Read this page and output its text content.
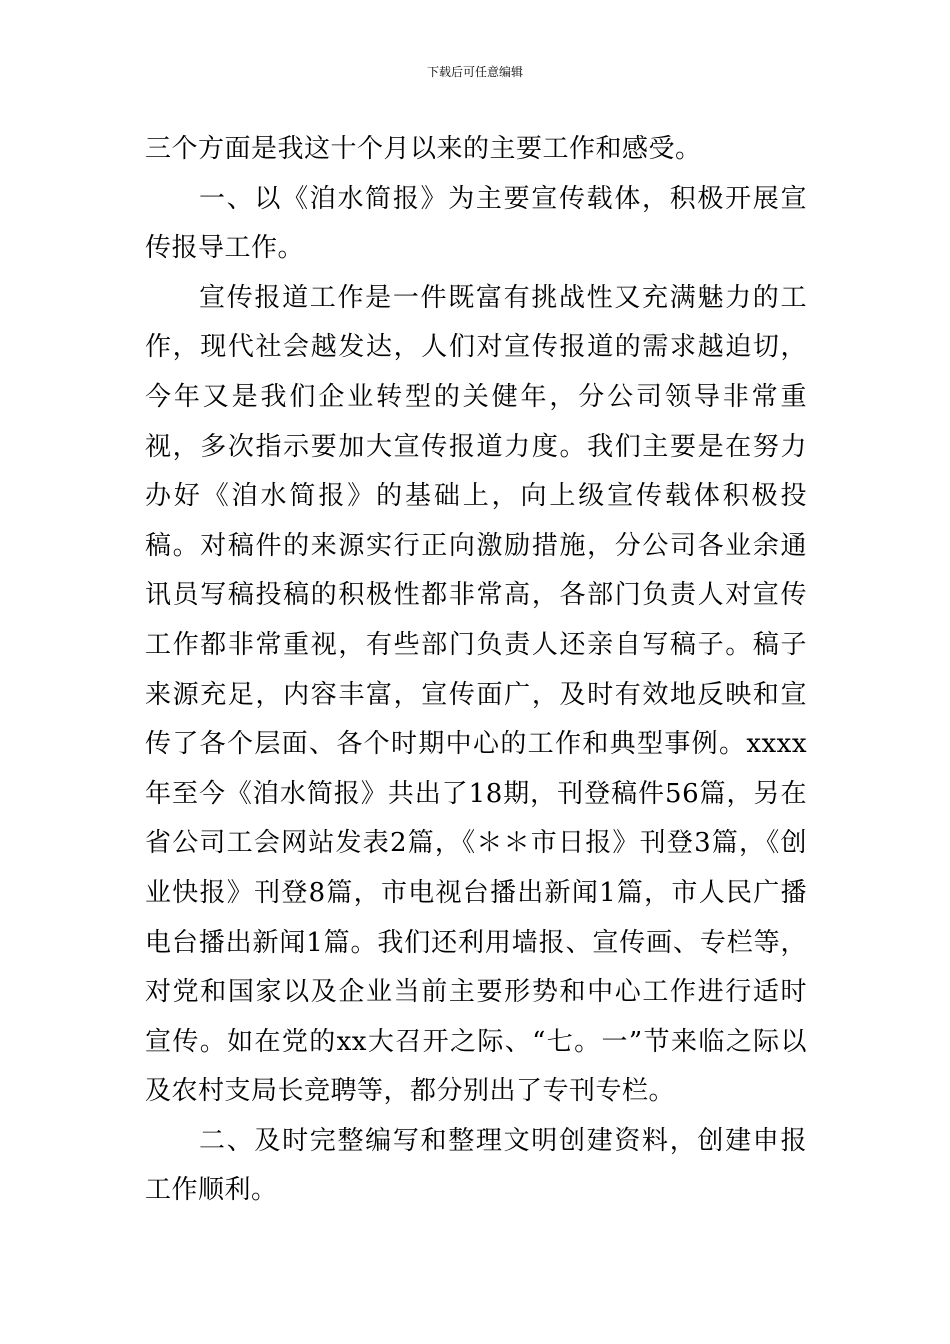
下载后可任意编辑

三个方面是我这十个月以来的主要工作和感受。

一、以《洎水简报》为主要宣传载体，积极开展宣传报导工作。

宣传报道工作是一件既富有挑战性又充满魅力的工作，现代社会越发达，人们对宣传报道的需求越迫切，今年又是我们企业转型的关健年，分公司领导非常重视，多次指示要加大宣传报道力度。我们主要是在努力办好《洎水简报》的基础上，向上级宣传载体积极投稿。对稿件的来源实行正向激励措施，分公司各业余通讯员写稿投稿的积极性都非常高，各部门负责人对宣传工作都非常重视，有些部门负责人还亲自写稿子。稿子来源充足，内容丰富，宣传面广，及时有效地反映和宣传了各个层面、各个时期中心的工作和典型事例。xxxx年至今《洎水简报》共出了18期，刊登稿件56篇，另在省公司工会网站发表2篇，《＊＊市日报》刊登3篇，《创业快报》刊登8篇，市电视台播出新闻1篇，市人民广播电台播出新闻1篇。我们还利用墙报、宣传画、专栏等，对党和国家以及企业当前主要形势和中心工作进行适时宣传。如在党的xx大召开之际、“七。一”节来临之际以及农村支局长竞聘等，都分别出了专刊专栏。

二、及时完整编写和整理文明创建资料，创建申报工作顺利。
